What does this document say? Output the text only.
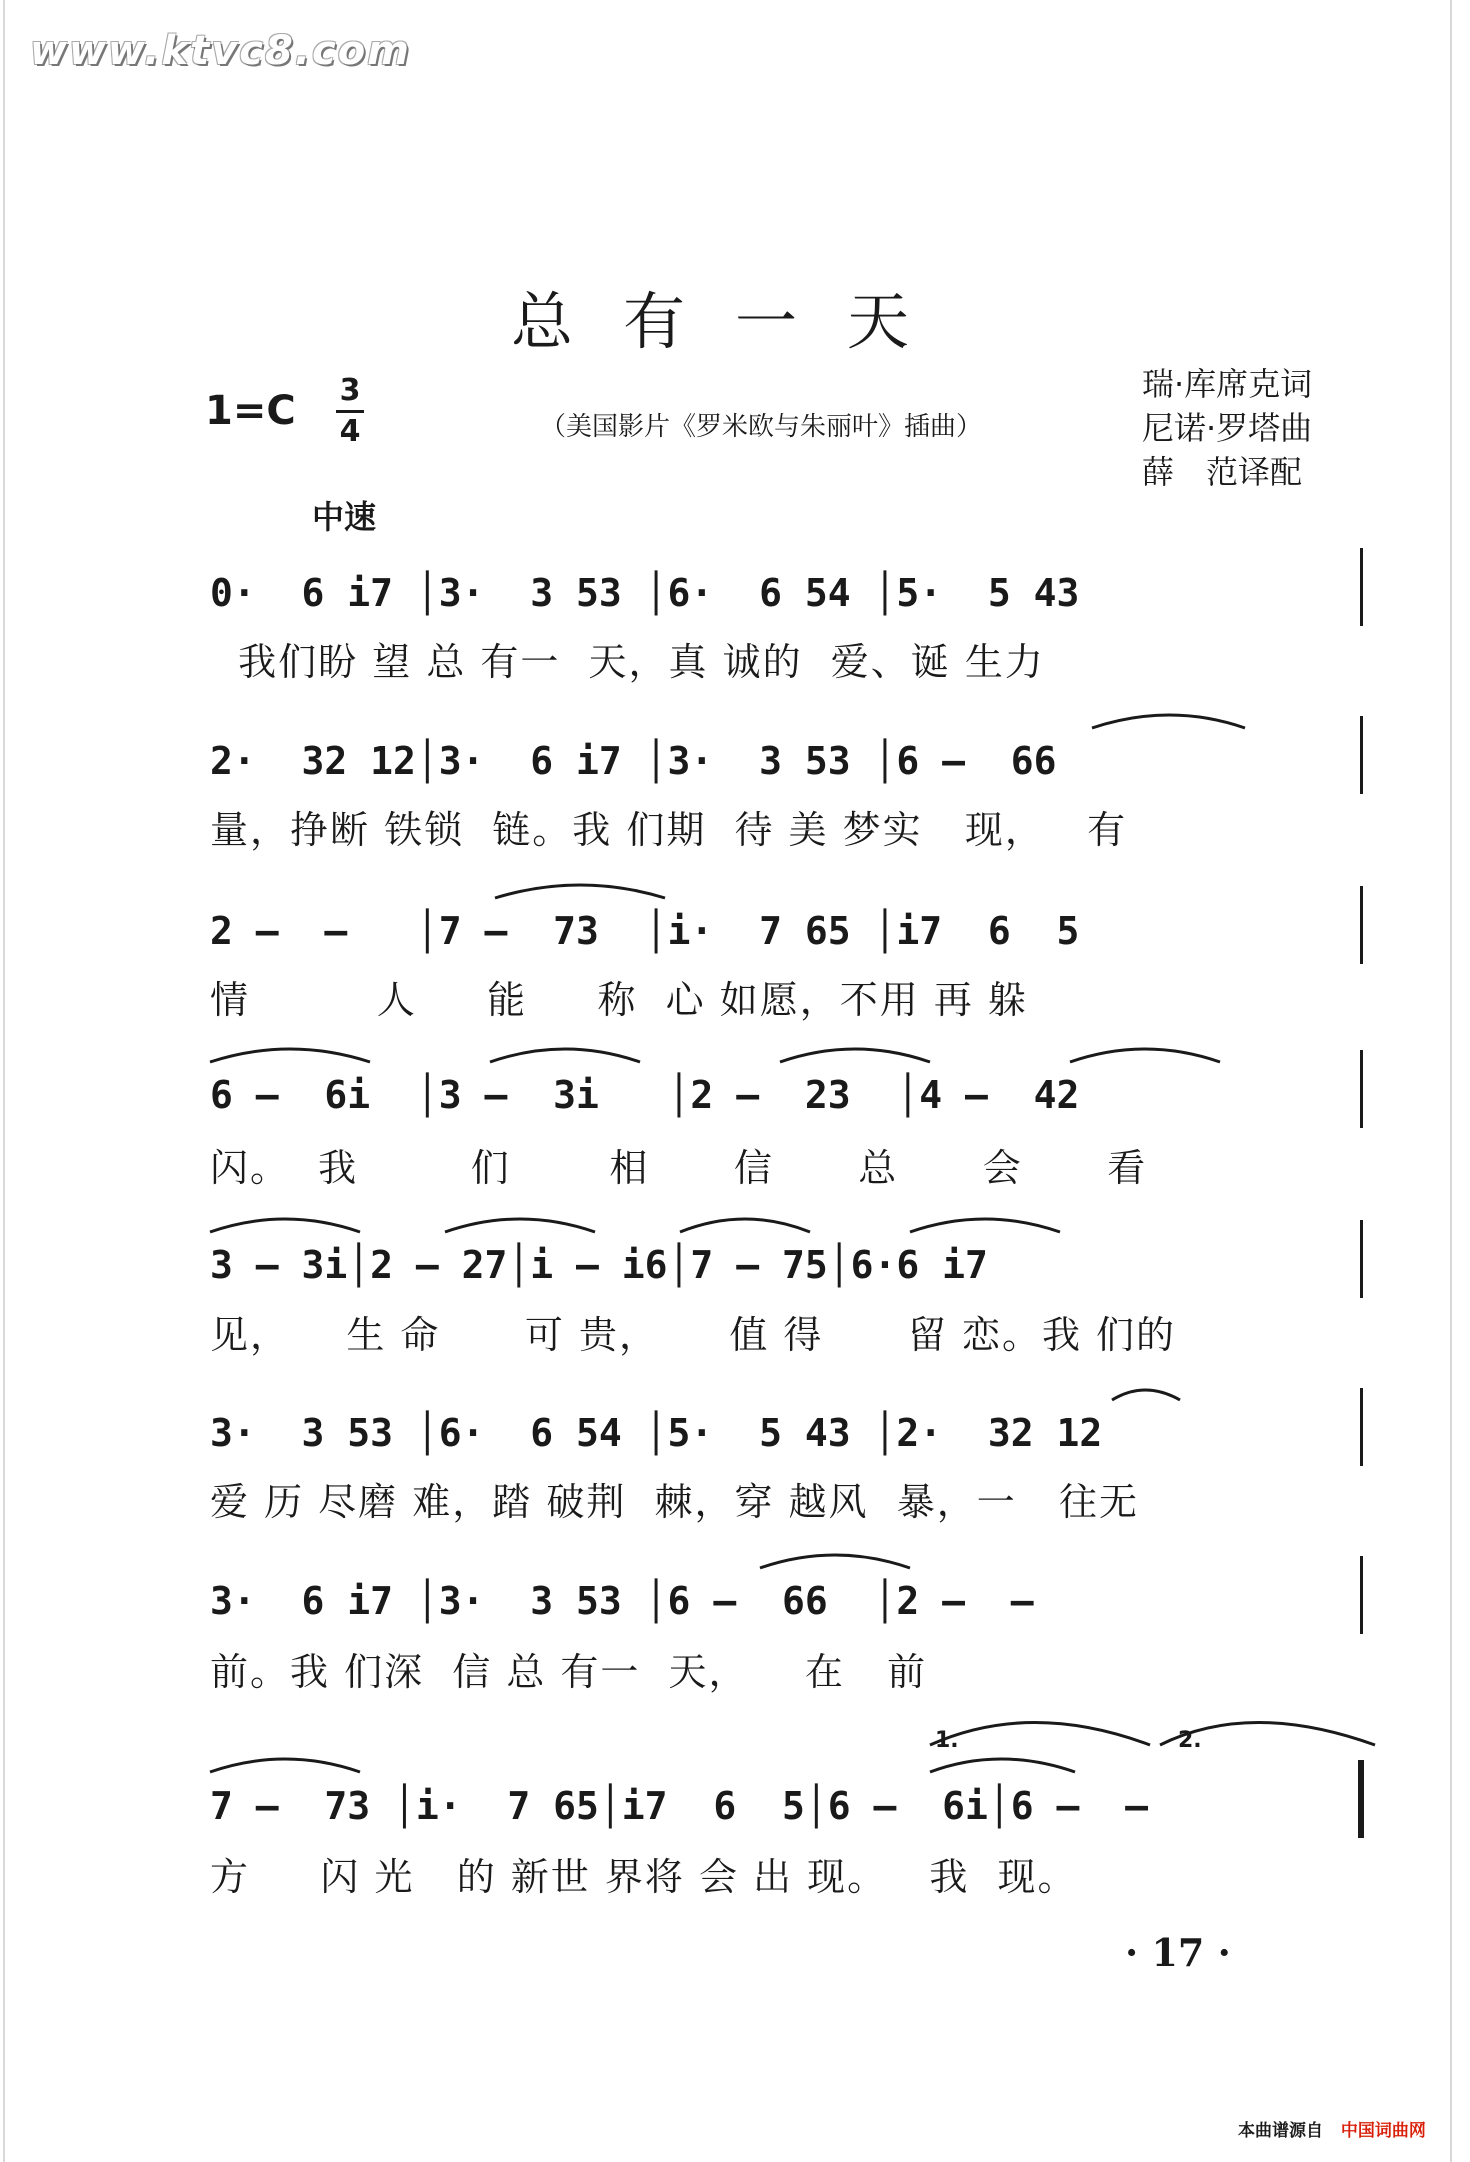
www.ktvc8.com
总有一天
1=C 3
4	（美国影片《罗米欧与朱丽叶》插曲）
瑞·库席克词
尼诺·罗塔曲
薛　范译配
中速
0·  6 i7 │3·  3 53 │6·  6 54 │5·  5 43
我们盼 望 总 有一  天，真 诚的  爱、诞 生力
2·  32 12│3·  6 i7 │3·  3 53 │6 —  66
量，挣断 铁锁  链。我 们期  待 美 梦实   现，   有
2 —  —   │7 —  73  │i·  7 65 │i7  6  5
情         人     能     称  心 如愿，不用 再 躲
6 —  6i  │3 —  3i   │2 —  23  │4 —  42
闪。  我        们       相      信      总      会      看
3 — 3i│2 — 27│i — i6│7 — 75│6·6 i7
见，    生 命      可 贵，     值 得      留 恋。我 们的
3·  3 53 │6·  6 54 │5·  5 43 │2·  32 12
爱 历 尽磨 难，踏 破荆  棘，穿 越风  暴，一   往无
3·  6 i7 │3·  3 53 │6 —  66  │2 —  —
前。我 们深  信 总 有一  天，    在   前
7 —  73 │i·  7 65│i7  6  5│6 —  6i│6 —  —
方     闪 光   的 新世 界将 会 出 现。   我  现。
1.	2.
· 17 ·
本曲谱源自 中国词曲网
